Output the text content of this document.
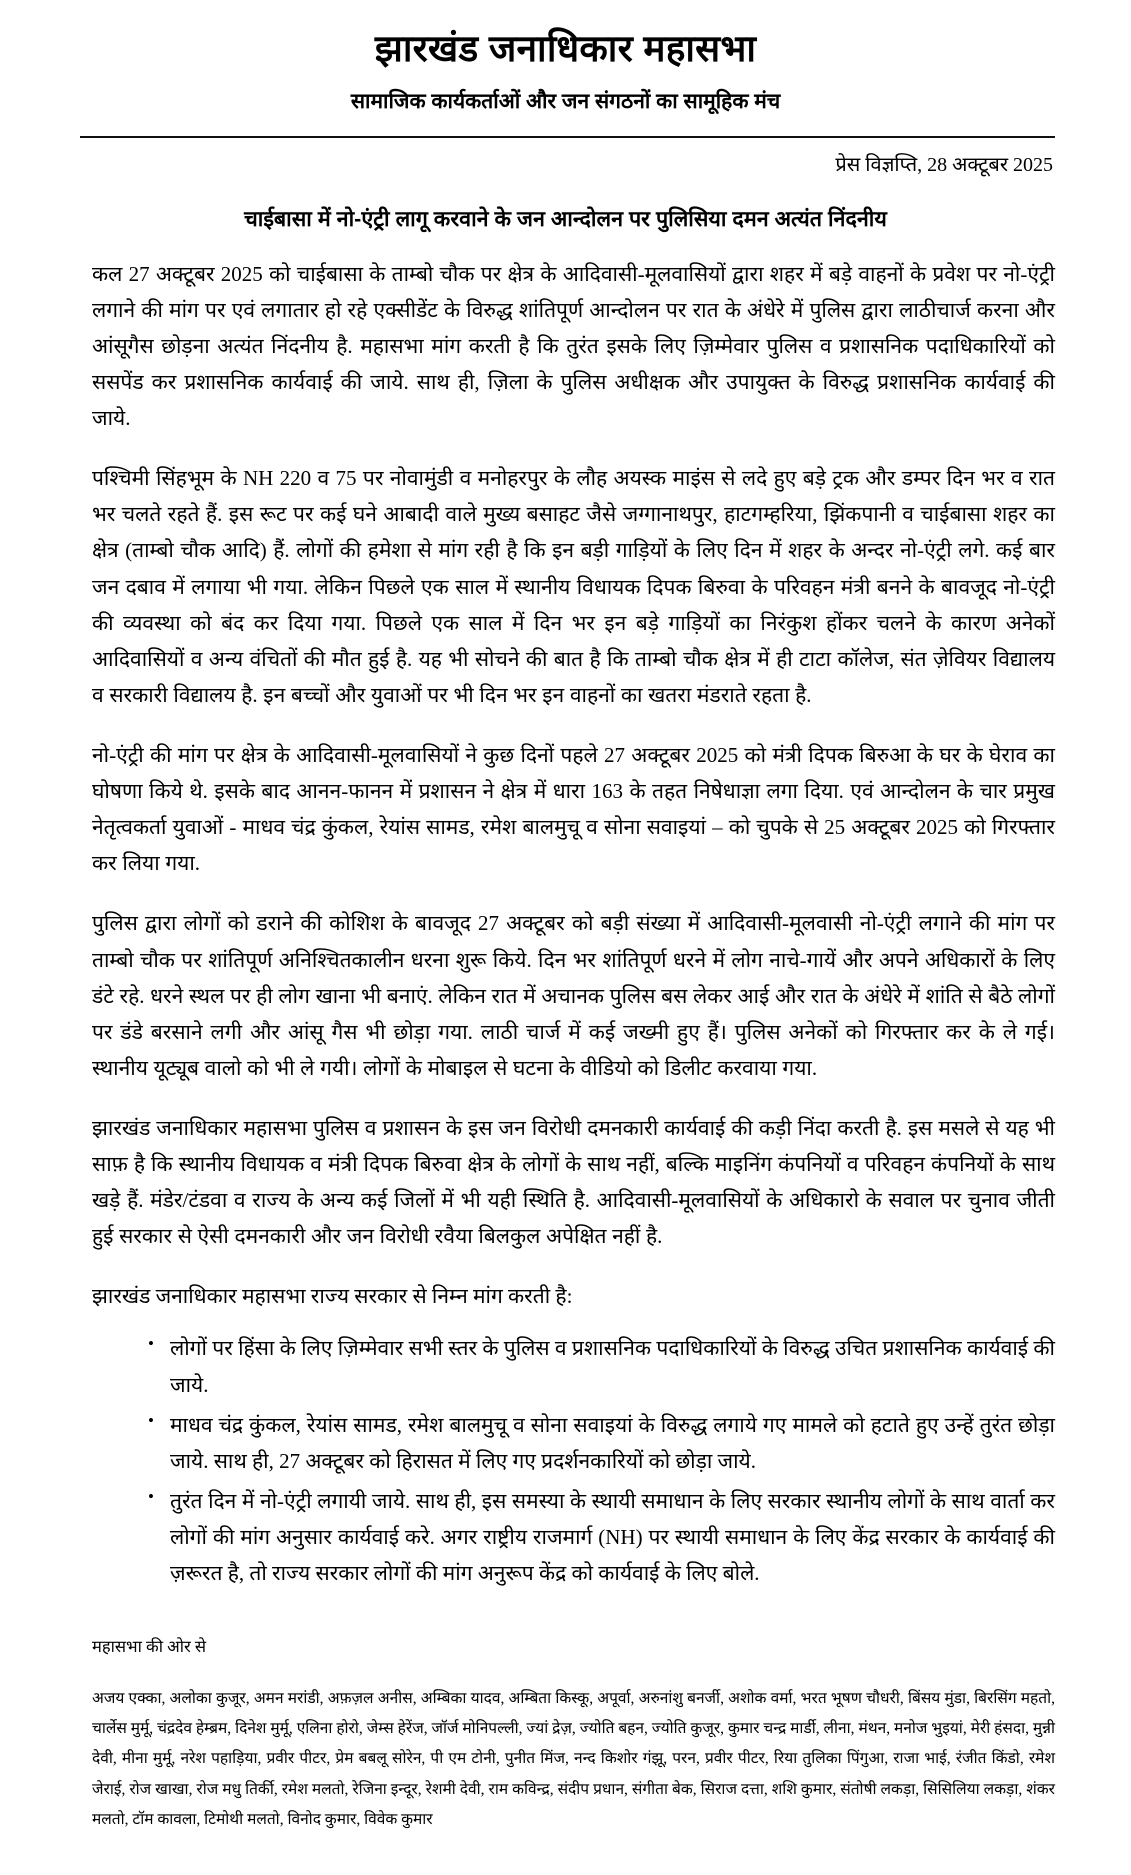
झारखंड जनाधिकार महासभा
सामाजिक कार्यकर्ताओं और जन संगठनों का सामूहिक मंच
प्रेस विज्ञप्ति, 28 अक्टूबर 2025
चाईबासा में नो-एंट्री लागू करवाने के जन आन्दोलन पर पुलिसिया दमन अत्यंत निंदनीय

कल 27 अक्टूबर 2025 को चाईबासा के ताम्बो चौक पर क्षेत्र के आदिवासी-मूलवासियों द्वारा शहर में बड़े वाहनों के प्रवेश पर नो-एंट्री लगाने की मांग पर एवं लगातार हो रहे एक्सीडेंट के विरुद्ध शांतिपूर्ण आन्दोलन पर रात के अंधेरे में पुलिस द्वारा लाठीचार्ज करना और आंसूगैस छोड़ना अत्यंत निंदनीय है. महासभा मांग करती है कि तुरंत इसके लिए ज़िम्मेवार पुलिस व प्रशासनिक पदाधिकारियों को ससपेंड कर प्रशासनिक कार्यवाई की जाये. साथ ही, ज़िला के पुलिस अधीक्षक और उपायुक्त के विरुद्ध प्रशासनिक कार्यवाई की जाये.

पश्चिमी सिंहभूम के NH 220 व 75 पर नोवामुंडी व मनोहरपुर के लौह अयस्क माइंस से लदे हुए बड़े ट्रक और डम्पर दिन भर व रात भर चलते रहते हैं. इस रूट पर कई घने आबादी वाले मुख्य बसाहट जैसे जग्गानाथपुर, हाटगम्हरिया, झिंकपानी व चाईबासा शहर का क्षेत्र (ताम्बो चौक आदि) हैं. लोगों की हमेशा से मांग रही है कि इन बड़ी गाड़ियों के लिए दिन में शहर के अन्दर नो-एंट्री लगे. कई बार जन दबाव में लगाया भी गया. लेकिन पिछले एक साल में स्थानीय विधायक दिपक बिरुवा के परिवहन मंत्री बनने के बावजूद नो-एंट्री की व्यवस्था को बंद कर दिया गया. पिछले एक साल में दिन भर इन बड़े गाड़ियों का निरंकुश होंकर चलने के कारण अनेकों आदिवासियों व अन्य वंचितों की मौत हुई है. यह भी सोचने की बात है कि ताम्बो चौक क्षेत्र में ही टाटा कॉलेज, संत ज़ेवियर विद्यालय व सरकारी विद्यालय है. इन बच्चों और युवाओं पर भी दिन भर इन वाहनों का खतरा मंडराते रहता है.

नो-एंट्री की मांग पर क्षेत्र के आदिवासी-मूलवासियों ने कुछ दिनों पहले 27 अक्टूबर 2025 को मंत्री दिपक बिरुआ के घर के घेराव का घोषणा किये थे. इसके बाद आनन-फानन में प्रशासन ने क्षेत्र में धारा 163 के तहत निषेधाज्ञा लगा दिया. एवं आन्दोलन के चार प्रमुख नेतृत्वकर्ता युवाओं - माधव चंद्र कुंकल, रेयांस सामड, रमेश बालमुचू व सोना सवाइयां – को चुपके से 25 अक्टूबर 2025 को गिरफ्तार कर लिया गया.

पुलिस द्वारा लोगों को डराने की कोशिश के बावजूद 27 अक्टूबर को बड़ी संख्या में आदिवासी-मूलवासी नो-एंट्री लगाने की मांग पर ताम्बो चौक पर शांतिपूर्ण अनिश्चितकालीन धरना शुरू किये. दिन भर शांतिपूर्ण धरने में लोग नाचे-गायें और अपने अधिकारों के लिए डंटे रहे. धरने स्थल पर ही लोग खाना भी बनाएं. लेकिन रात में अचानक पुलिस बस लेकर आई और रात के अंधेरे में शांति से बैठे लोगों पर डंडे बरसाने लगी और आंसू गैस भी छोड़ा गया. लाठी चार्ज में कई जख्मी हुए हैं। पुलिस अनेकों को गिरफ्तार कर के ले गई। स्थानीय यूट्यूब वालो को भी ले गयी। लोगों के मोबाइल से घटना के वीडियो को डिलीट करवाया गया.

झारखंड जनाधिकार महासभा पुलिस व प्रशासन के इस जन विरोधी दमनकारी कार्यवाई की कड़ी निंदा करती है. इस मसले से यह भी साफ़ है कि स्थानीय विधायक व मंत्री दिपक बिरुवा क्षेत्र के लोगों के साथ नहीं, बल्कि माइनिंग कंपनियों व परिवहन कंपनियों के साथ खड़े हैं. मंडेर/टंडवा व राज्य के अन्य कई जिलों में भी यही स्थिति है. आदिवासी-मूलवासियों के अधिकारो के सवाल पर चुनाव जीती हुई सरकार से ऐसी दमनकारी और जन विरोधी रवैया बिलकुल अपेक्षित नहीं है.

झारखंड जनाधिकार महासभा राज्य सरकार से निम्न मांग करती है:

• लोगों पर हिंसा के लिए ज़िम्मेवार सभी स्तर के पुलिस व प्रशासनिक पदाधिकारियों के विरुद्ध उचित प्रशासनिक कार्यवाई की जाये.
• माधव चंद्र कुंकल, रेयांस सामड, रमेश बालमुचू व सोना सवाइयां के विरुद्ध लगाये गए मामले को हटाते हुए उन्हें तुरंत छोड़ा जाये. साथ ही, 27 अक्टूबर को हिरासत में लिए गए प्रदर्शनकारियों को छोड़ा जाये.
• तुरंत दिन में नो-एंट्री लगायी जाये. साथ ही, इस समस्या के स्थायी समाधान के लिए सरकार स्थानीय लोगों के साथ वार्ता कर लोगों की मांग अनुसार कार्यवाई करे. अगर राष्ट्रीय राजमार्ग (NH) पर स्थायी समाधान के लिए केंद्र सरकार के कार्यवाई की ज़रूरत है, तो राज्य सरकार लोगों की मांग अनुरूप केंद्र को कार्यवाई के लिए बोले.

महासभा की ओर से

अजय एक्का, अलोका कुजूर, अमन मरांडी, अफ़ज़ल अनीस, अम्बिका यादव, अम्बिता किस्कू, अपूर्वा, अरुनांशु बनर्जी, अशोक वर्मा, भरत भूषण चौधरी, बिंसय मुंडा, बिरसिंग महतो, चार्लेस मुर्मू, चंद्रदेव हेम्ब्रम, दिनेश मुर्मू, एलिना होरो, जेम्स हेरेंज, जॉर्ज मोनिपल्ली, ज्यां द्रेज़, ज्योति बहन, ज्योति कुजूर, कुमार चन्द्र मार्डी, लीना, मंथन, मनोज भुइयां, मेरी हंसदा, मुन्नी देवी, मीना मुर्मू, नरेश पहाड़िया, प्रवीर पीटर, प्रेम बबलू सोरेन, पी एम टोनी, पुनीत मिंज, नन्द किशोर गंझू, परन, प्रवीर पीटर, रिया तुलिका पिंगुआ, राजा भाई, रंजीत किंडो, रमेश जेराई, रोज खाखा, रोज मधु तिर्की, रमेश मलतो, रेजिना इन्दूर, रेशमी देवी, राम कविन्द्र, संदीप प्रधान, संगीता बेक, सिराज दत्ता, शशि कुमार, संतोषी लकड़ा, सिसिलिया लकड़ा, शंकर मलतो, टॉम कावला, टिमोथी मलतो, विनोद कुमार, विवेक कुमार
